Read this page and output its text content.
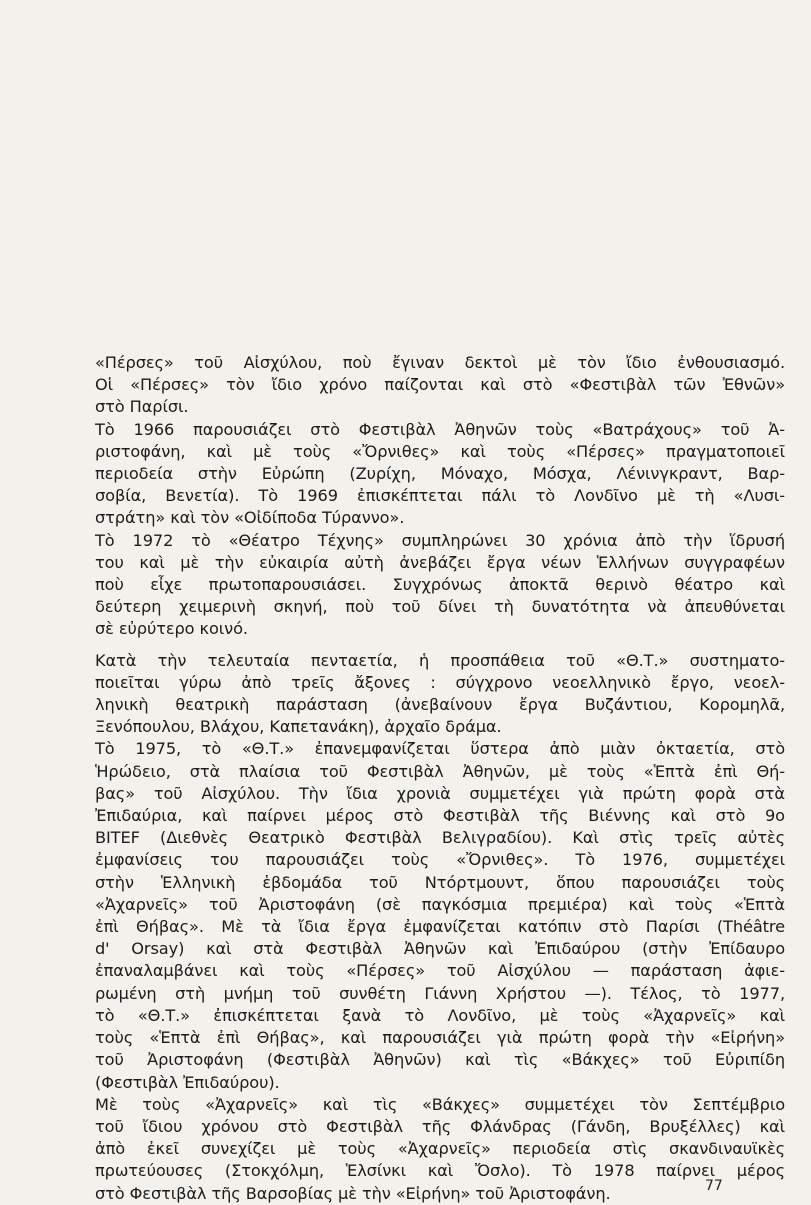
«Πέρσες» τοῦ Αἰσχύλου, ποὺ ἔγιναν δεκτοὶ μὲ τὸν ἴδιο ἐνθουσιασμό.
Οἱ «Πέρσες» τὸν ἴδιο χρόνο παίζονται καὶ στὸ «Φεστιβὰλ τῶν Ἐθνῶν»
στὸ Παρίσι.
Τὸ 1966 παρουσιάζει στὸ Φεστιβὰλ Ἀθηνῶν τοὺς «Βατράχους» τοῦ Ἀ-
ριστοφάνη, καὶ μὲ τοὺς «Ὄρνιθες» καὶ τοὺς «Πέρσες» πραγματοποιεῖ
περιοδεία στὴν Εὐρώπη (Ζυρίχη, Μόναχο, Μόσχα, Λένινγκραντ, Βαρ-
σοβία, Βενετία). Τὸ 1969 ἐπισκέπτεται πάλι τὸ Λονδῖνο μὲ τὴ «Λυσι-
στράτη» καὶ τὸν «Οἰδίποδα Τύραννο».
Τὸ 1972 τὸ «Θέατρο Τέχνης» συμπληρώνει 30 χρόνια ἀπὸ τὴν ἵδρυσή
του καὶ μὲ τὴν εὐκαιρία αὐτὴ ἀνεβάζει ἔργα νέων Ἑλλήνων συγγραφέων
ποὺ εἶχε πρωτοπαρουσιάσει. Συγχρόνως ἀποκτᾶ θερινὸ θέατρο καὶ
δεύτερη χειμερινὴ σκηνή, ποὺ τοῦ δίνει τὴ δυνατότητα νὰ ἀπευθύνεται
σὲ εὐρύτερο κοινό.
Κατὰ τὴν τελευταία πενταετία, ἡ προσπάθεια τοῦ «Θ.Τ.» συστηματο-
ποιεῖται γύρω ἀπὸ τρεῖς ἄξονες : σύγχρονο νεοελληνικὸ ἔργο, νεοελ-
ληνικὴ θεατρικὴ παράσταση (ἀνεβαίνουν ἔργα Βυζάντιου, Κορομηλᾶ,
Ξενόπουλου, Βλάχου, Καπετανάκη), ἀρχαῖο δράμα.
Τὸ 1975, τὸ «Θ.Τ.» ἐπανεμφανίζεται ὕστερα ἀπὸ μιὰν ὀκταετία, στὸ
Ἡρώδειο, στὰ πλαίσια τοῦ Φεστιβὰλ Ἀθηνῶν, μὲ τοὺς «Ἑπτὰ ἐπὶ Θή-
βας» τοῦ Αἰσχύλου. Τὴν ἴδια χρονιὰ συμμετέχει γιὰ πρώτη φορὰ στὰ
Ἐπιδαύρια, καὶ παίρνει μέρος στὸ Φεστιβὰλ τῆς Βιέννης καὶ στὸ 9ο
BITEF (Διεθνὲς Θεατρικὸ Φεστιβὰλ Βελιγραδίου). Καὶ στὶς τρεῖς αὐτὲς
ἐμφανίσεις του παρουσιάζει τοὺς «Ὄρνιθες». Τὸ 1976, συμμετέχει
στὴν Ἑλληνικὴ ἑβδομάδα τοῦ Ντόρτμουντ, ὅπου παρουσιάζει τοὺς
«Ἀχαρνεῖς» τοῦ Ἀριστοφάνη (σὲ παγκόσμια πρεμιέρα) καὶ τοὺς «Ἑπτὰ
ἐπὶ Θήβας». Μὲ τὰ ἴδια ἔργα ἐμφανίζεται κατόπιν στὸ Παρίσι (Théâtre
d' Orsay) καὶ στὰ Φεστιβὰλ Ἀθηνῶν καὶ Ἐπιδαύρου (στὴν Ἐπίδαυρο
ἐπαναλαμβάνει καὶ τοὺς «Πέρσες» τοῦ Αἰσχύλου — παράσταση ἀφιε-
ρωμένη στὴ μνήμη τοῦ συνθέτη Γιάννη Χρήστου —). Τέλος, τὸ 1977,
τὸ «Θ.Τ.» ἐπισκέπτεται ξανὰ τὸ Λονδῖνο, μὲ τοὺς «Ἀχαρνεῖς» καὶ
τοὺς «Ἑπτὰ ἐπὶ Θήβας», καὶ παρουσιάζει γιὰ πρώτη φορὰ τὴν «Εἰρήνη»
τοῦ Ἀριστοφάνη (Φεστιβὰλ Ἀθηνῶν) καὶ τὶς «Βάκχες» τοῦ Εὐριπίδη
(Φεστιβὰλ Ἐπιδαύρου).
Μὲ τοὺς «Ἀχαρνεῖς» καὶ τὶς «Βάκχες» συμμετέχει τὸν Σεπτέμβριο
τοῦ ἴδιου χρόνου στὸ Φεστιβὰλ τῆς Φλάνδρας (Γάνδη, Βρυξέλλες) καὶ
ἀπὸ ἐκεῖ συνεχίζει μὲ τοὺς «Ἀχαρνεῖς» περιοδεία στὶς σκανδιναυϊκὲς
πρωτεύουσες (Στοκχόλμη, Ἑλσίνκι καὶ Ὄσλο). Τὸ 1978 παίρνει μέρος
στὸ Φεστιβὰλ τῆς Βαρσοβίας μὲ τὴν «Εἰρήνη» τοῦ Ἀριστοφάνη.	77
